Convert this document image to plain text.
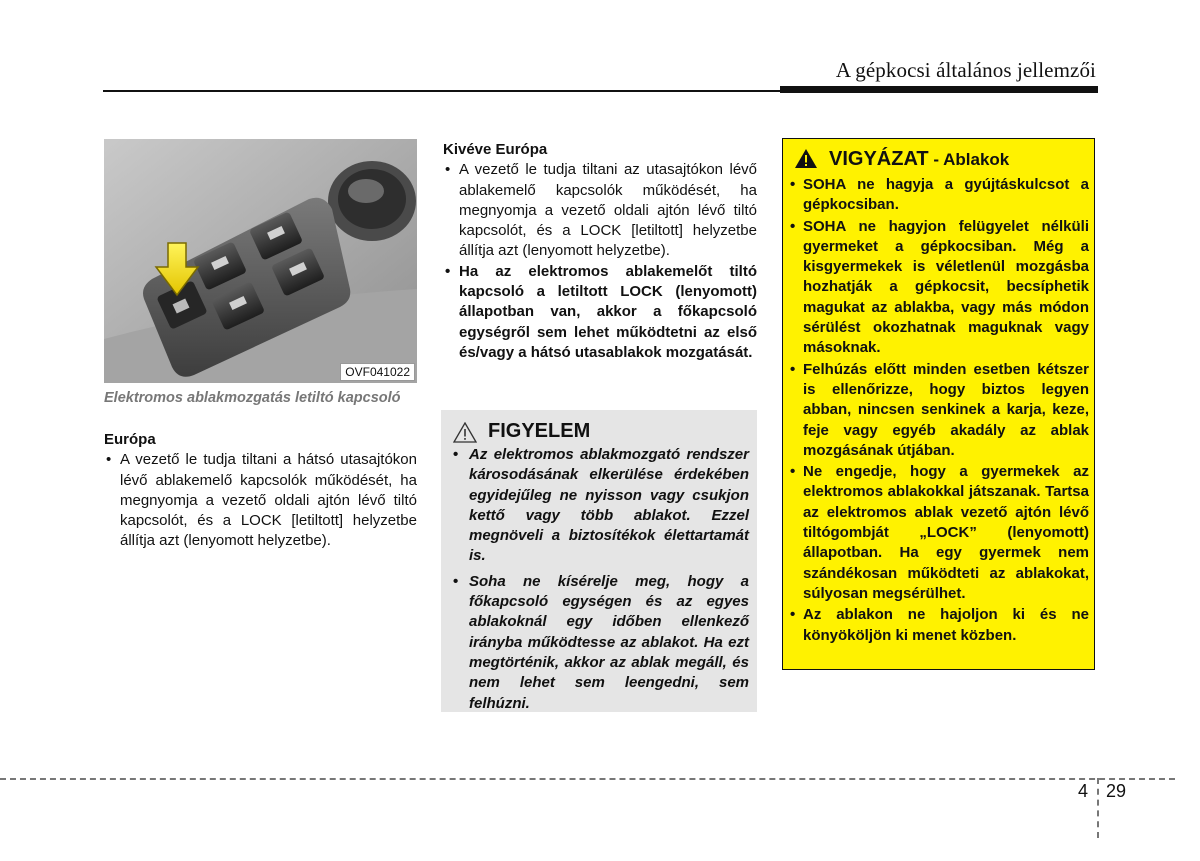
A gépkocsi általános jellemzői
OVF041022
Elektromos ablakmozgatás letiltó kapcsoló
Európa
• A vezető le tudja tiltani a hátsó utasajtókon lévő ablakemelő kapcsolók működését, ha megnyomja a vezető oldali ajtón lévő tiltó kapcsolót, és a LOCK [letiltott] helyzetbe állítja azt (lenyomott helyzetbe).
Kivéve Európa
• A vezető le tudja tiltani az utasajtókon lévő ablakemelő kapcsolók működését, ha megnyomja a vezető oldali ajtón lévő tiltó kapcsolót, és a LOCK [letiltott] helyzetbe állítja azt (lenyomott helyzetbe).
• Ha az elektromos ablakemelőt tiltó kapcsoló a letiltott LOCK (lenyomott) állapotban van, akkor a főkapcsoló egységről sem lehet működtetni az első és/vagy a hátsó utasablakok mozgatását.
FIGYELEM
• Az elektromos ablakmozgató rendszer károsodásának elkerülése érdekében egyidejűleg ne nyisson vagy csukjon kettő vagy több ablakot. Ezzel megnöveli a biztosítékok élettartamát is.
• Soha ne kísérelje meg, hogy a főkapcsoló egységen és az egyes ablakoknál egy időben ellenkező irányba működtesse az ablakot. Ha ezt megtörténik, akkor az ablak megáll, és nem lehet sem leengedni, sem felhúzni.
VIGYÁZAT - Ablakok
• SOHA ne hagyja a gyújtáskulcsot a gépkocsiban.
• SOHA ne hagyjon felügyelet nélküli gyermeket a gépkocsiban. Még a kisgyermekek is véletlenül mozgásba hozhatják a gépkocsit, becsíphetik magukat az ablakba, vagy más módon sérülést okozhatnak maguknak vagy másoknak.
• Felhúzás előtt minden esetben kétszer is ellenőrizze, hogy biztos legyen abban, nincsen senkinek a karja, keze, feje vagy egyéb akadály az ablak mozgásának útjában.
• Ne engedje, hogy a gyermekek az elektromos ablakokkal játszanak. Tartsa az elektromos ablak vezető ajtón lévő tiltógombját „LOCK” (lenyomott) állapotban. Ha egy gyermek nem szándékosan működteti az ablakokat, súlyosan megsérülhet.
• Az ablakon ne hajoljon ki és ne könyököljön ki menet közben.
4 29
